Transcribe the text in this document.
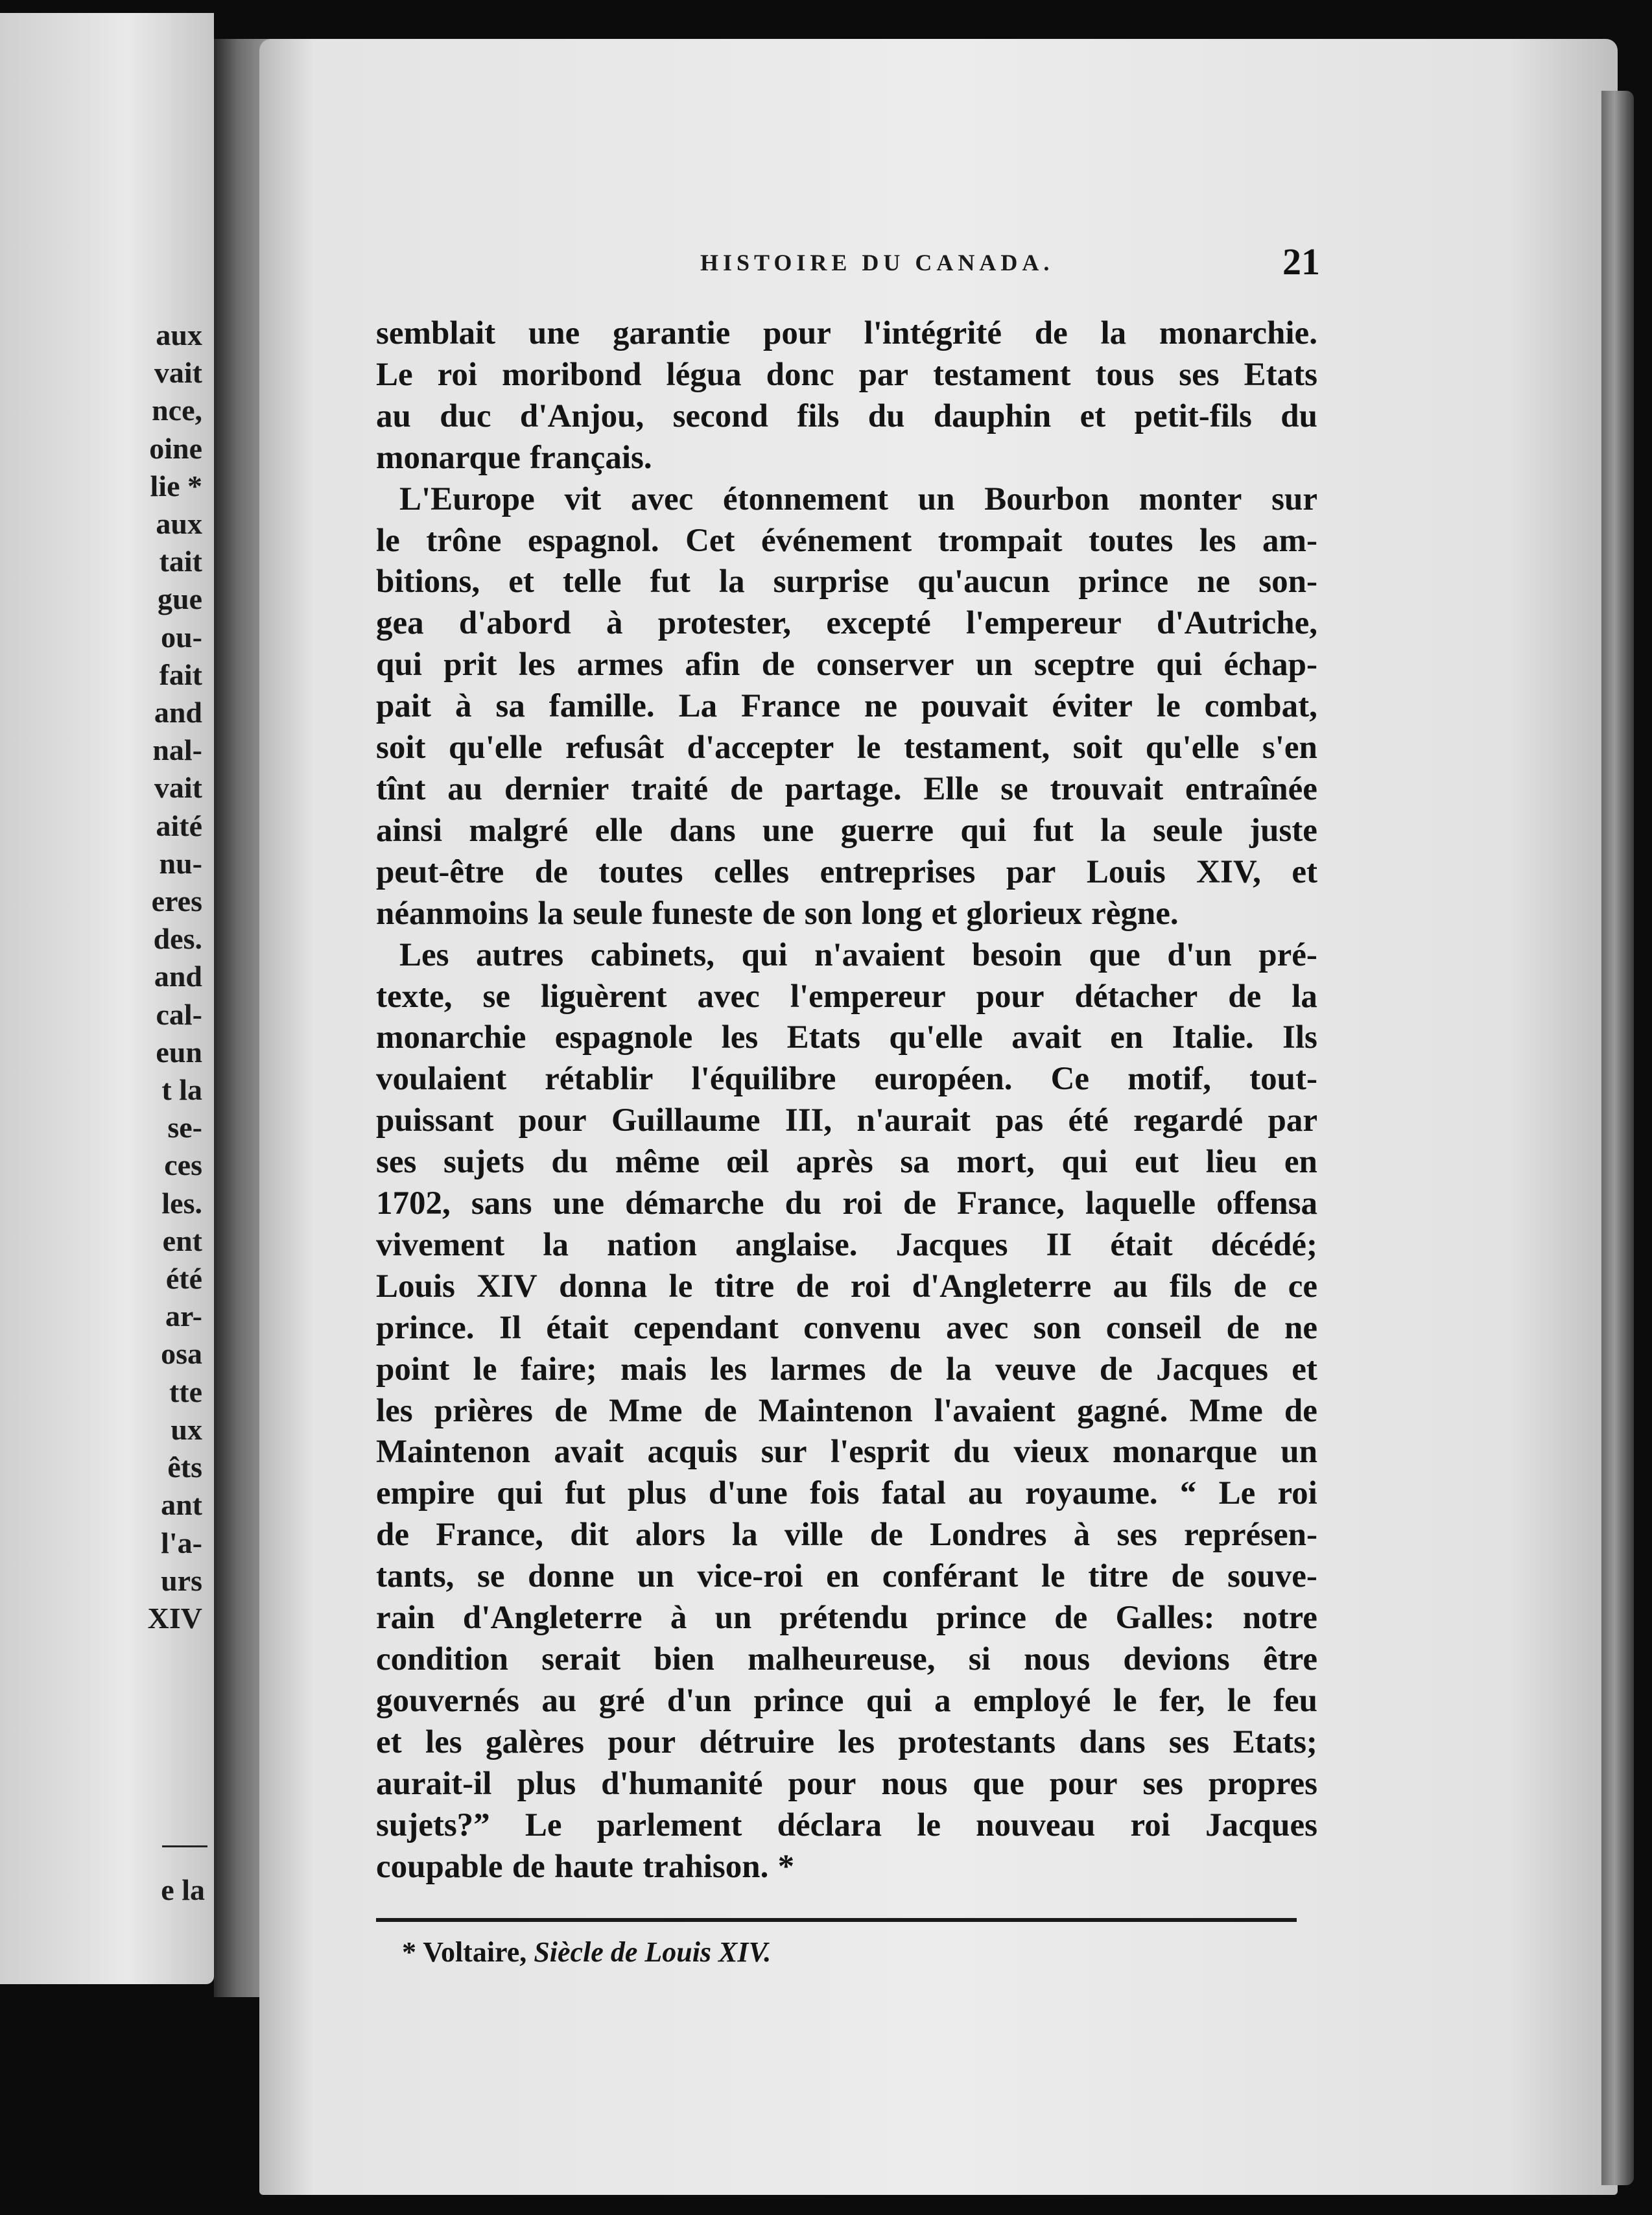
aux
vait
nce,
oine
lie *
aux
tait
gue
ou-
fait
and
nal-
vait
aité
nu-
eres
des.
and
cal-
eun
t la
se-
ces
les.
ent
été
ar-
osa
tte
ux
êts
ant
l'a-
urs
XIV
e la
HISTOIRE DU CANADA.	21
semblait une garantie pour l'intégrité de la monarchie.
Le roi moribond légua donc par testament tous ses Etats
au duc d'Anjou, second fils du dauphin et petit-fils du
monarque français.
L'Europe vit avec étonnement un Bourbon monter sur
le trône espagnol. Cet événement trompait toutes les am-
bitions, et telle fut la surprise qu'aucun prince ne son-
gea d'abord à protester, excepté l'empereur d'Autriche,
qui prit les armes afin de conserver un sceptre qui échap-
pait à sa famille. La France ne pouvait éviter le combat,
soit qu'elle refusât d'accepter le testament, soit qu'elle s'en
tînt au dernier traité de partage. Elle se trouvait entraînée
ainsi malgré elle dans une guerre qui fut la seule juste
peut-être de toutes celles entreprises par Louis XIV, et
néanmoins la seule funeste de son long et glorieux règne.
Les autres cabinets, qui n'avaient besoin que d'un pré-
texte, se liguèrent avec l'empereur pour détacher de la
monarchie espagnole les Etats qu'elle avait en Italie. Ils
voulaient rétablir l'équilibre européen. Ce motif, tout-
puissant pour Guillaume III, n'aurait pas été regardé par
ses sujets du même œil après sa mort, qui eut lieu en
1702, sans une démarche du roi de France, laquelle offensa
vivement la nation anglaise. Jacques II était décédé;
Louis XIV donna le titre de roi d'Angleterre au fils de ce
prince. Il était cependant convenu avec son conseil de ne
point le faire; mais les larmes de la veuve de Jacques et
les prières de Mme de Maintenon l'avaient gagné. Mme de
Maintenon avait acquis sur l'esprit du vieux monarque un
empire qui fut plus d'une fois fatal au royaume. “ Le roi
de France, dit alors la ville de Londres à ses représen-
tants, se donne un vice-roi en conférant le titre de souve-
rain d'Angleterre à un prétendu prince de Galles: notre
condition serait bien malheureuse, si nous devions être
gouvernés au gré d'un prince qui a employé le fer, le feu
et les galères pour détruire les protestants dans ses Etats;
aurait-il plus d'humanité pour nous que pour ses propres
sujets?” Le parlement déclara le nouveau roi Jacques
coupable de haute trahison. *
* Voltaire, Siècle de Louis XIV.
